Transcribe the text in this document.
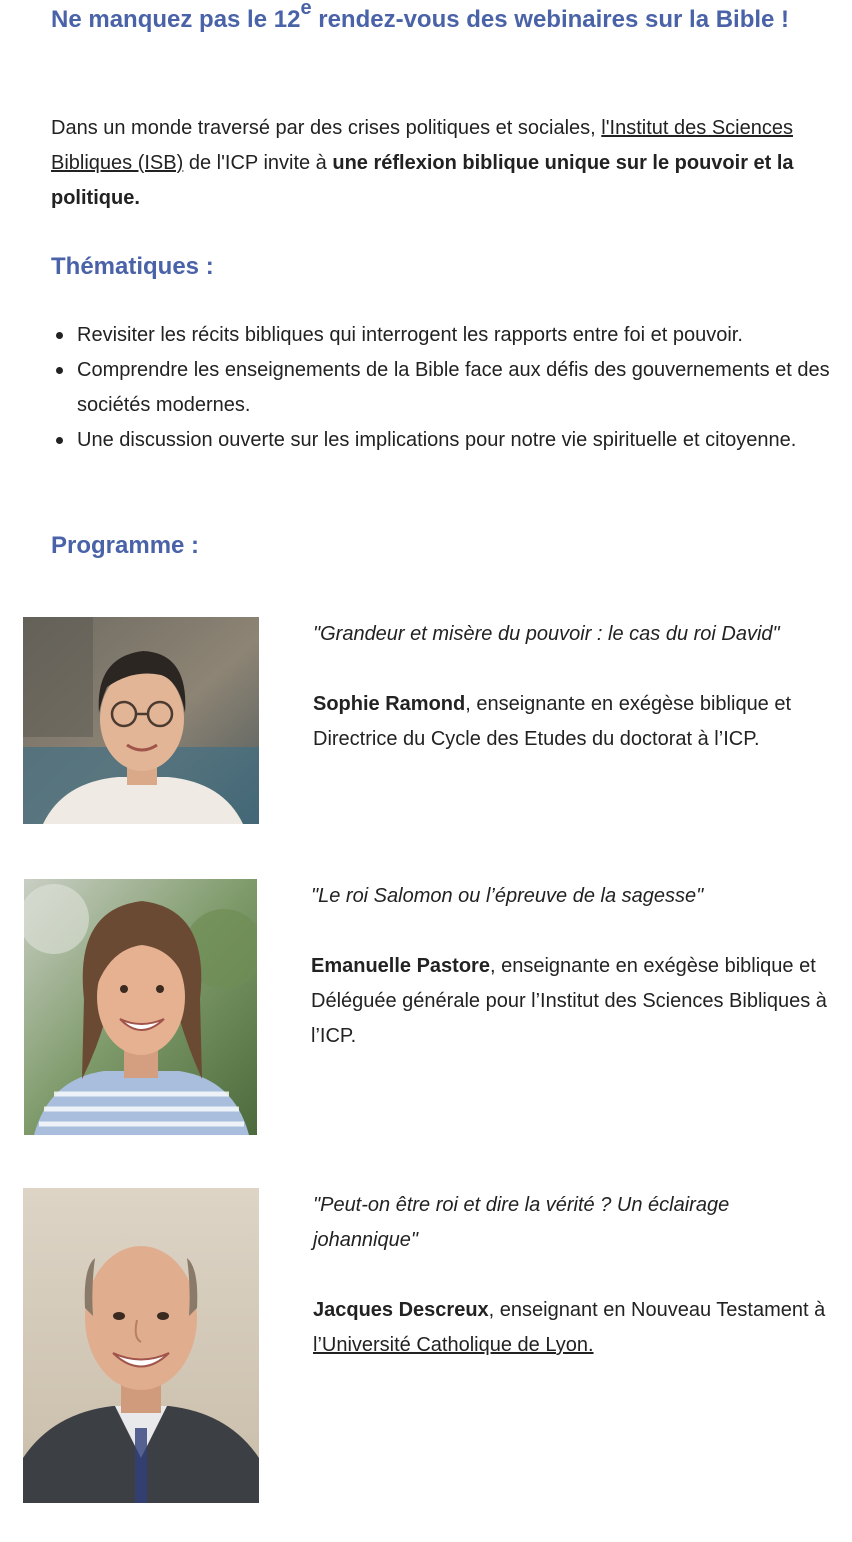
Ne manquez pas le 12e rendez-vous des webinaires sur la Bible !

Dans un monde traversé par des crises politiques et sociales, l'Institut des Sciences Bibliques (ISB) de l'ICP invite à une réflexion biblique unique sur le pouvoir et la politique.

Thématiques :
Revisiter les récits bibliques qui interrogent les rapports entre foi et pouvoir.
Comprendre les enseignements de la Bible face aux défis des gouvernements et des sociétés modernes.
Une discussion ouverte sur les implications pour notre vie spirituelle et citoyenne.
Programme :

"Grandeur et misère du pouvoir : le cas du roi David"

Sophie Ramond, enseignante en exégèse biblique et Directrice du Cycle des Etudes du doctorat à l’ICP.

"Le roi Salomon ou l’épreuve de la sagesse"

Emanuelle Pastore, enseignante en exégèse biblique et Déléguée générale pour l’Institut des Sciences Bibliques à l’ICP.

"Peut-on être roi et dire la vérité ? Un éclairage johannique"

Jacques Descreux, enseignant en Nouveau Testament à l’Université Catholique de Lyon.
